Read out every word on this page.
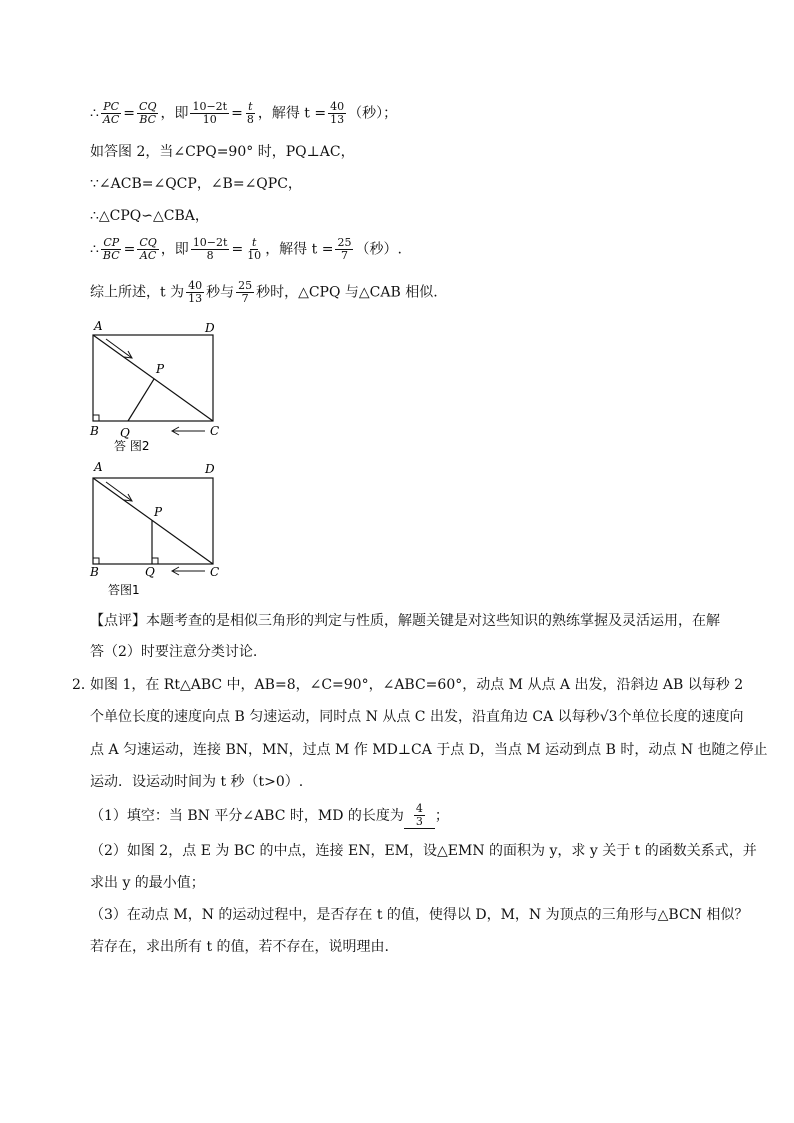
∴ $\frac{PC}{AC} = \frac{CQ}{BC}$ ，即 $\frac{10-2t}{10} = \frac{t}{8}$ ，解得 $t = \frac{40}{13}$ （秒）；
如答图 2，当∠CPQ=90° 时，PQ⊥AC，
∵∠ACB=∠QCP，∠B=∠QPC，
∴△CPQ∽△CBA，
∴ $\frac{CP}{BC} = \frac{CQ}{AC}$ ，即 $\frac{10-2t}{8} = \frac{t}{10}$ ，解得 $t = \frac{25}{7}$ （秒）.
综上所述，t 为 $\frac{40}{13}$ 秒与 $\frac{25}{7}$ 秒时，△CPQ 与△CAB 相似.
A	D
P
B Q	C
答 图2
A	D
P
B	Q	C
答图1
【点评】本题考查的是相似三角形的判定与性质，解题关键是对这些知识的熟练掌握及灵活运用，在解
答（2）时要注意分类讨论.
2．
如图 1，在 Rt△ABC 中，AB=8，∠C=90°，∠ABC=60°，动点 M 从点 A 出发，沿斜边 AB 以每秒 2
个单位长度的速度向点 B 匀速运动，同时点 N 从点 C 出发，沿直角边 CA 以每秒√3个单位长度的速度向
点 A 匀速运动，连接 BN，MN，过点 M 作 MD⊥CA 于点 D，当点 M 运动到点 B 时，动点 N 也随之停止
运动．设运动时间为 t 秒（t>0）.
（1）填空：当 BN 平分∠ABC 时，MD 的长度为 $\frac{4}{3}$ ；
（2）如图 2，点 E 为 BC 的中点，连接 EN，EM，设△EMN 的面积为 y，求 y 关于 t 的函数关系式，并
求出 y 的最小值；
（3）在动点 M，N 的运动过程中，是否存在 t 的值，使得以 D，M，N 为顶点的三角形与△BCN 相似？
若存在，求出所有 t 的值，若不存在，说明理由.
